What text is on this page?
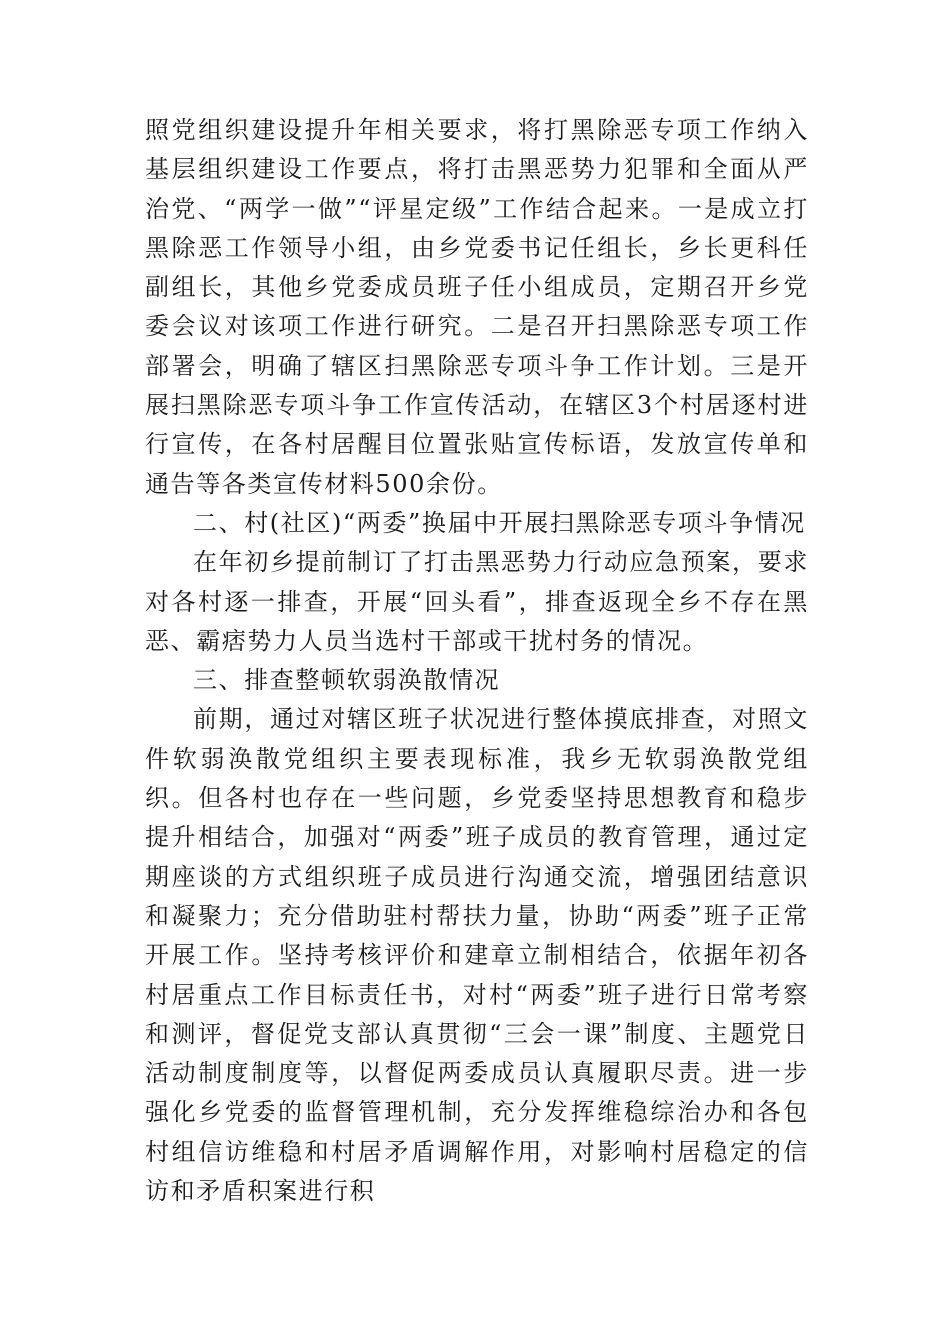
照党组织建设提升年相关要求，将打黑除恶专项工作纳入基层组织建设工作要点，将打击黑恶势力犯罪和全面从严治党、“两学一做”“评星定级”工作结合起来。一是成立打黑除恶工作领导小组，由乡党委书记任组长，乡长更科任副组长，其他乡党委成员班子任小组成员，定期召开乡党委会议对该项工作进行研究。二是召开扫黑除恶专项工作部署会，明确了辖区扫黑除恶专项斗争工作计划。三是开展扫黑除恶专项斗争工作宣传活动，在辖区3个村居逐村进行宣传，在各村居醒目位置张贴宣传标语，发放宣传单和通告等各类宣传材料500余份。

二、村(社区)“两委”换届中开展扫黑除恶专项斗争情况

在年初乡提前制订了打击黑恶势力行动应急预案，要求对各村逐一排查，开展“回头看”，排查返现全乡不存在黑恶、霸痞势力人员当选村干部或干扰村务的情况。

三、排查整顿软弱涣散情况

前期，通过对辖区班子状况进行整体摸底排查，对照文件软弱涣散党组织主要表现标准，我乡无软弱涣散党组织。但各村也存在一些问题，乡党委坚持思想教育和稳步提升相结合，加强对“两委”班子成员的教育管理，通过定期座谈的方式组织班子成员进行沟通交流，增强团结意识和凝聚力；充分借助驻村帮扶力量，协助“两委”班子正常开展工作。坚持考核评价和建章立制相结合，依据年初各村居重点工作目标责任书，对村“两委”班子进行日常考察和测评，督促党支部认真贯彻“三会一课”制度、主题党日活动制度制度等，以督促两委成员认真履职尽责。进一步强化乡党委的监督管理机制，充分发挥维稳综治办和各包村组信访维稳和村居矛盾调解作用，对影响村居稳定的信访和矛盾积案进行积
